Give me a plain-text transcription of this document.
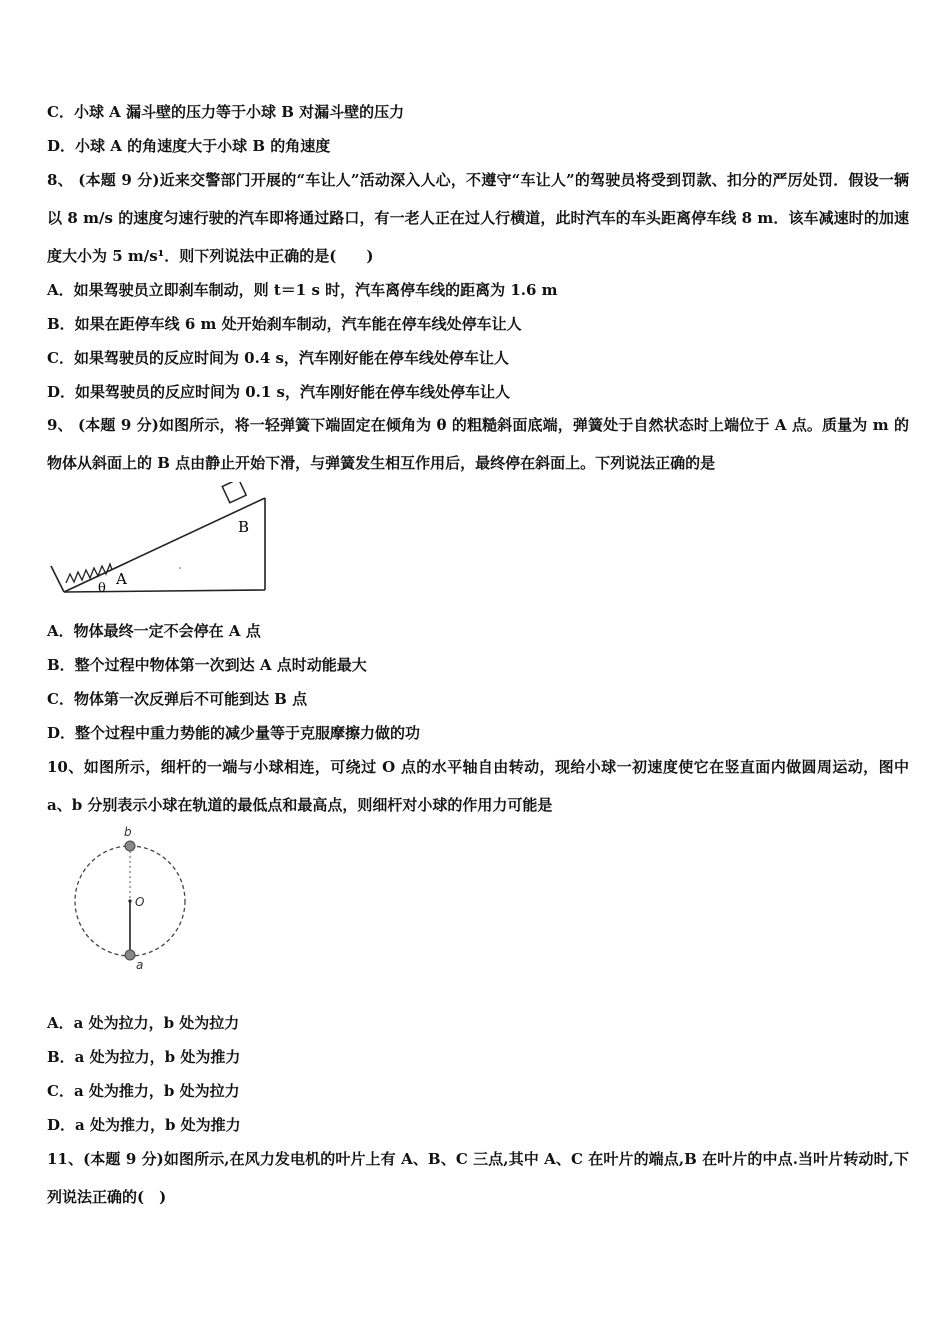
C．小球 A 漏斗壁的压力等于小球 B 对漏斗壁的压力
D．小球 A 的角速度大于小球 B 的角速度
8、 (本题 9 分)近来交警部门开展的“车让人”活动深入人心，不遵守“车让人”的驾驶员将受到罚款、扣分的严厉处罚．假设一辆以 8 m/s 的速度匀速行驶的汽车即将通过路口，有一老人正在过人行横道，此时汽车的车头距离停车线 8 m．该车减速时的加速度大小为 5 m/s¹．则下列说法中正确的是(　　)
A．如果驾驶员立即刹车制动，则 t＝1 s 时，汽车离停车线的距离为 1.6 m
B．如果在距停车线 6 m 处开始刹车制动，汽车能在停车线处停车让人
C．如果驾驶员的反应时间为 0.4 s，汽车刚好能在停车线处停车让人
D．如果驾驶员的反应时间为 0.1 s，汽车刚好能在停车线处停车让人
9、 (本题 9 分)如图所示，将一轻弹簧下端固定在倾角为 θ 的粗糙斜面底端，弹簧处于自然状态时上端位于 A 点。质量为 m 的物体从斜面上的 B 点由静止开始下滑，与弹簧发生相互作用后，最终停在斜面上。下列说法正确的是
B
A
θ
A．物体最终一定不会停在 A 点
B．整个过程中物体第一次到达 A 点时动能最大
C．物体第一次反弹后不可能到达 B 点
D．整个过程中重力势能的减少量等于克服摩擦力做的功
10、如图所示，细杆的一端与小球相连，可绕过 O 点的水平轴自由转动，现给小球一初速度使它在竖直面内做圆周运动，图中 a、b 分别表示小球在轨道的最低点和最高点，则细杆对小球的作用力可能是
b
O
a
A．a 处为拉力，b 处为拉力
B．a 处为拉力，b 处为推力
C．a 处为推力，b 处为拉力
D．a 处为推力，b 处为推力
11、(本题 9 分)如图所示,在风力发电机的叶片上有 A、B、C 三点,其中 A、C 在叶片的端点,B 在叶片的中点.当叶片转动时,下列说法正确的(　)
